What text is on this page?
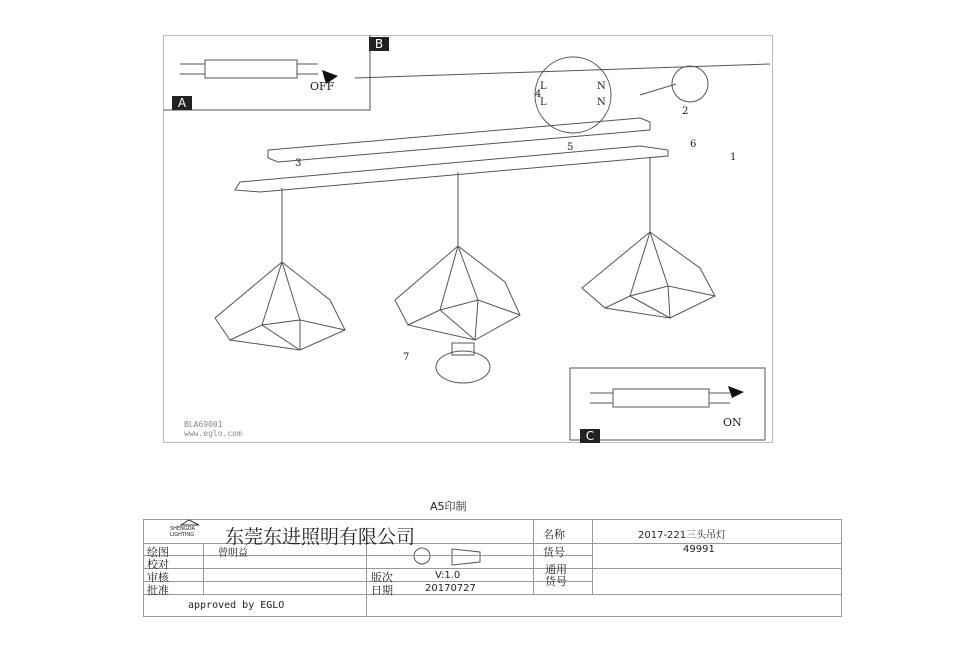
A
B
C
OFF
ON
L	N
4
L	N
1
2
3
5	6
7
BLA69001
www.eglo.com
A5印制
SHENGDA
LIGHTING 东莞东进照明有限公司	名称	2017-221三头吊灯
绘图	曾明益	货号	49991
校对	通用
审核	版次	V:1.0	货号
批准	日期	20170727
approved by EGLO
